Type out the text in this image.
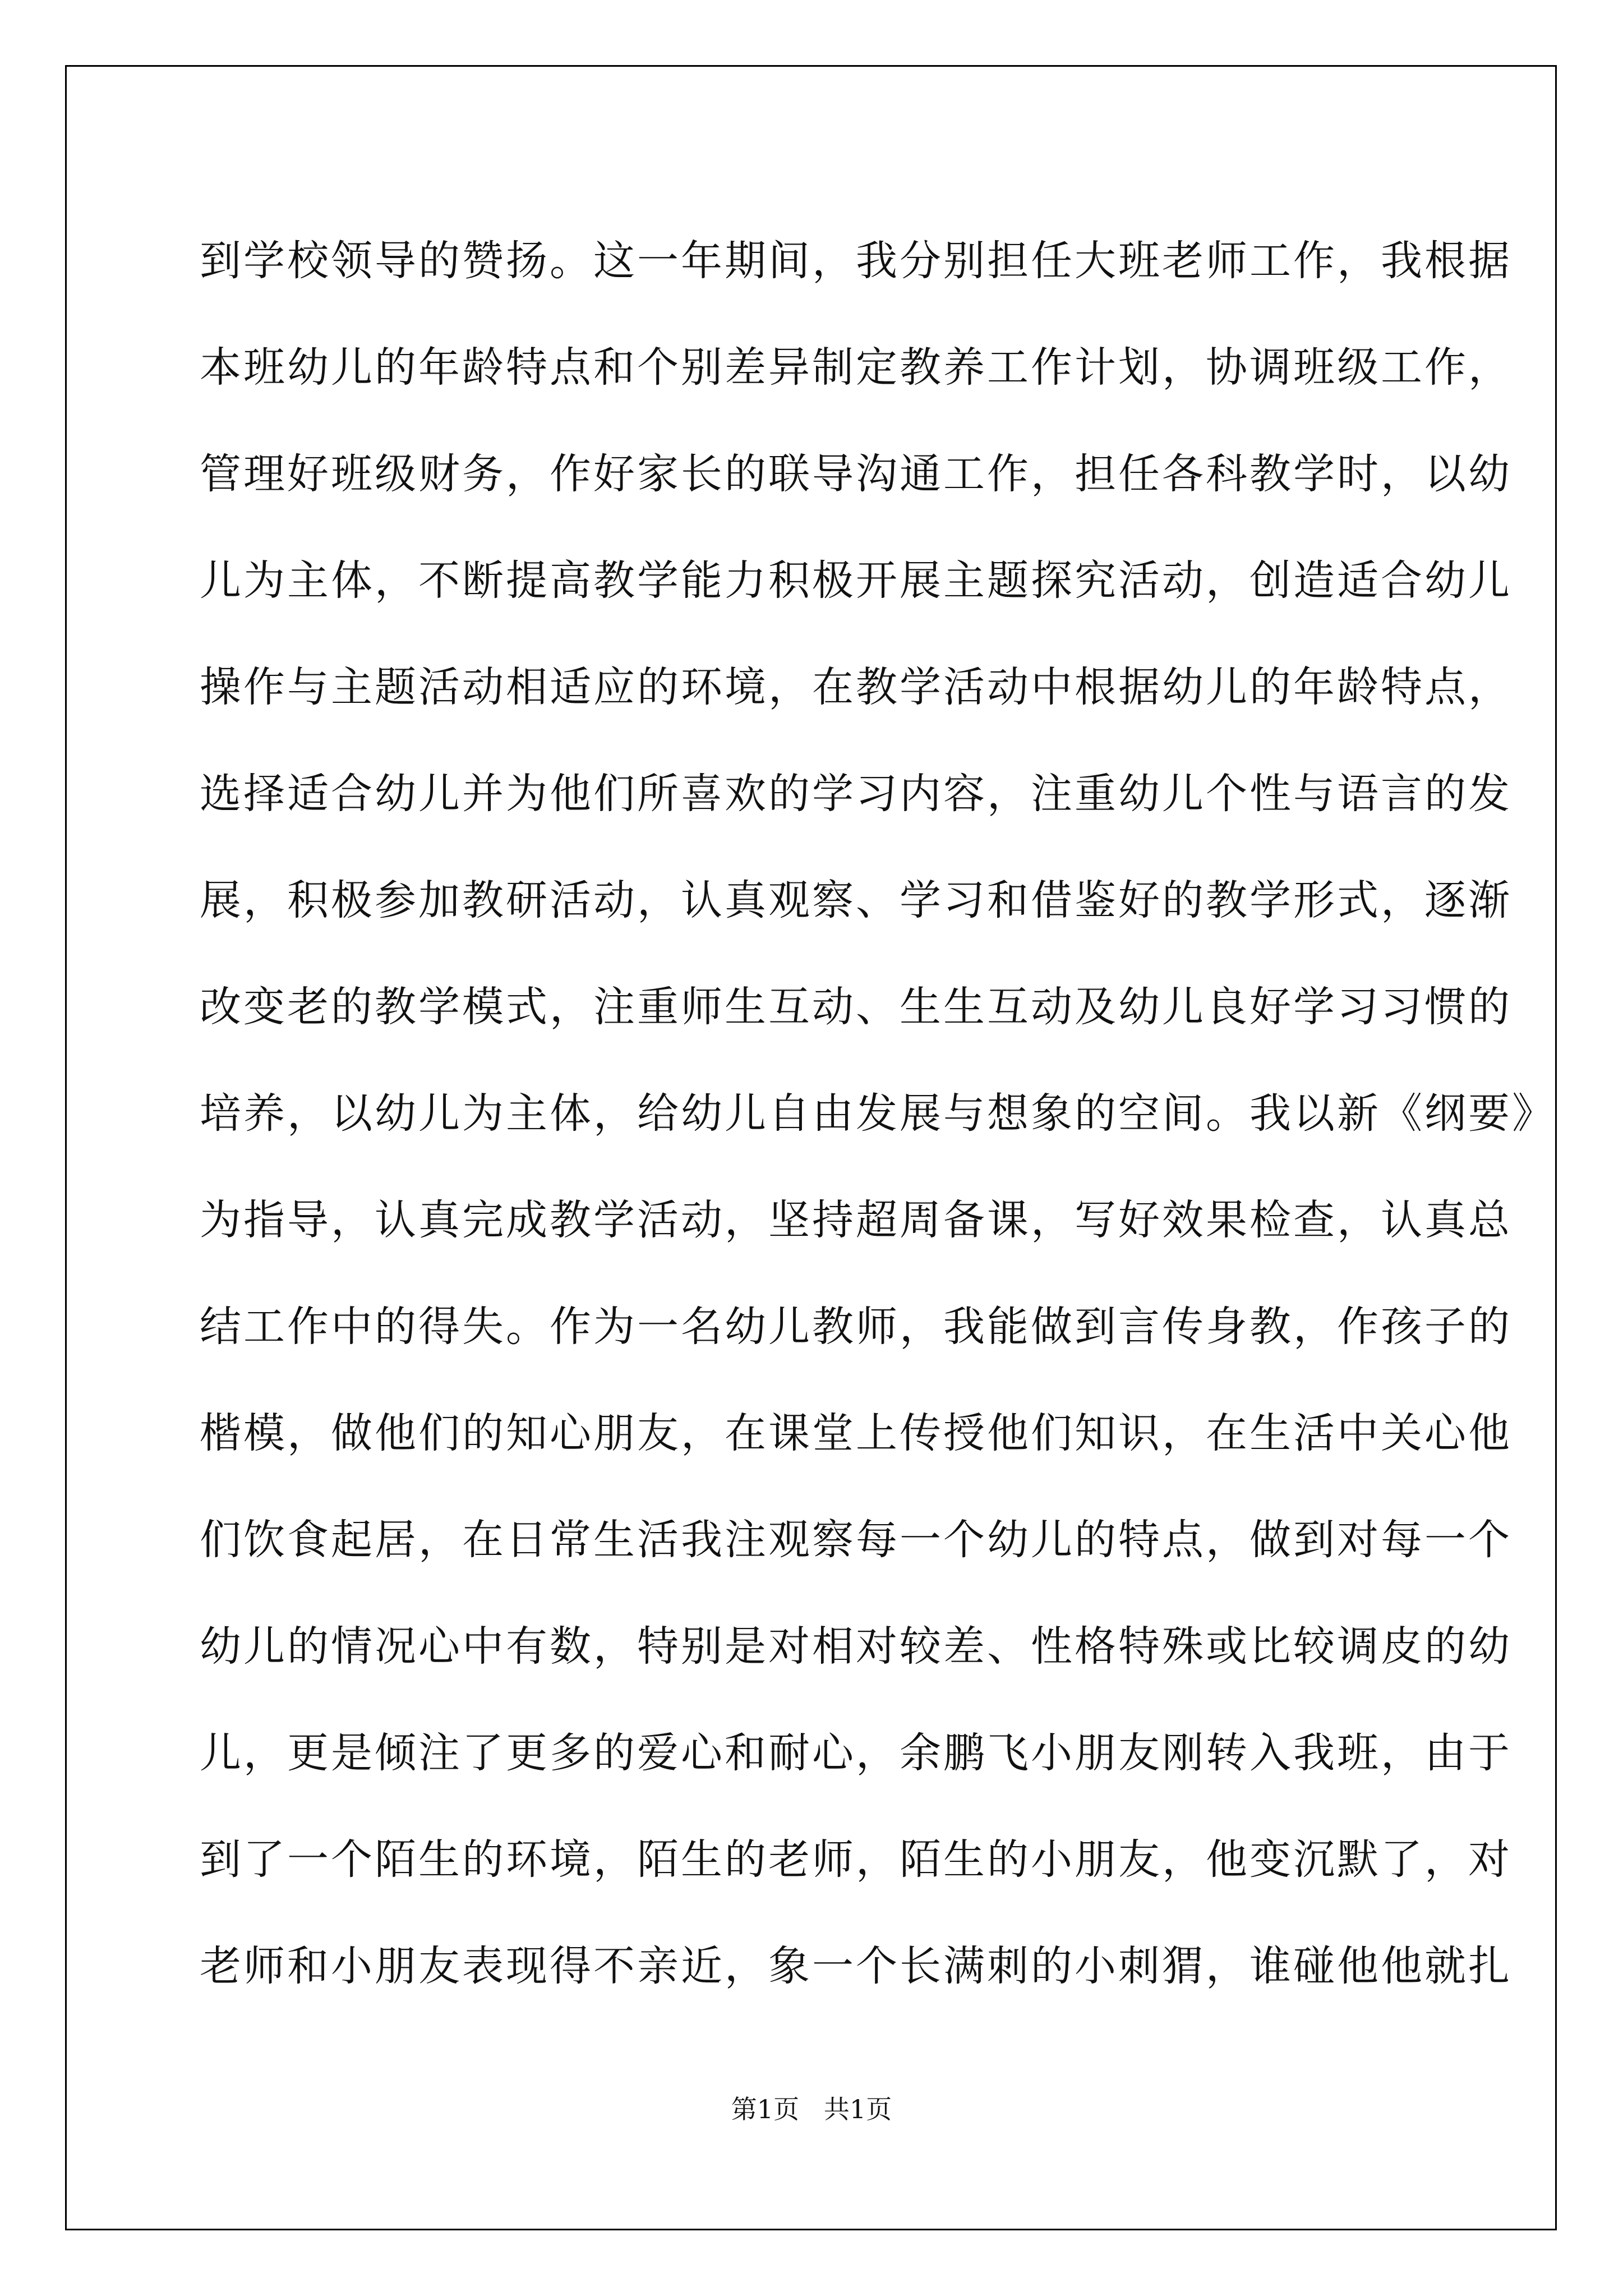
到学校领导的赞扬。这一年期间，我分别担任大班老师工作，我根据
本班幼儿的年龄特点和个别差异制定教养工作计划，协调班级工作，
管理好班级财务，作好家长的联导沟通工作，担任各科教学时，以幼
儿为主体，不断提高教学能力积极开展主题探究活动，创造适合幼儿
操作与主题活动相适应的环境，在教学活动中根据幼儿的年龄特点，
选择适合幼儿并为他们所喜欢的学习内容，注重幼儿个性与语言的发
展，积极参加教研活动，认真观察、学习和借鉴好的教学形式，逐渐
改变老的教学模式，注重师生互动、生生互动及幼儿良好学习习惯的
培养，以幼儿为主体，给幼儿自由发展与想象的空间。我以新《纲要》
为指导，认真完成教学活动，坚持超周备课，写好效果检查，认真总
结工作中的得失。作为一名幼儿教师，我能做到言传身教，作孩子的
楷模，做他们的知心朋友，在课堂上传授他们知识，在生活中关心他
们饮食起居，在日常生活我注观察每一个幼儿的特点，做到对每一个
幼儿的情况心中有数，特别是对相对较差、性格特殊或比较调皮的幼
儿，更是倾注了更多的爱心和耐心，余鹏飞小朋友刚转入我班，由于
到了一个陌生的环境，陌生的老师，陌生的小朋友，他变沉默了，对
老师和小朋友表现得不亲近，象一个长满刺的小刺猬，谁碰他他就扎
第1页   共1页
